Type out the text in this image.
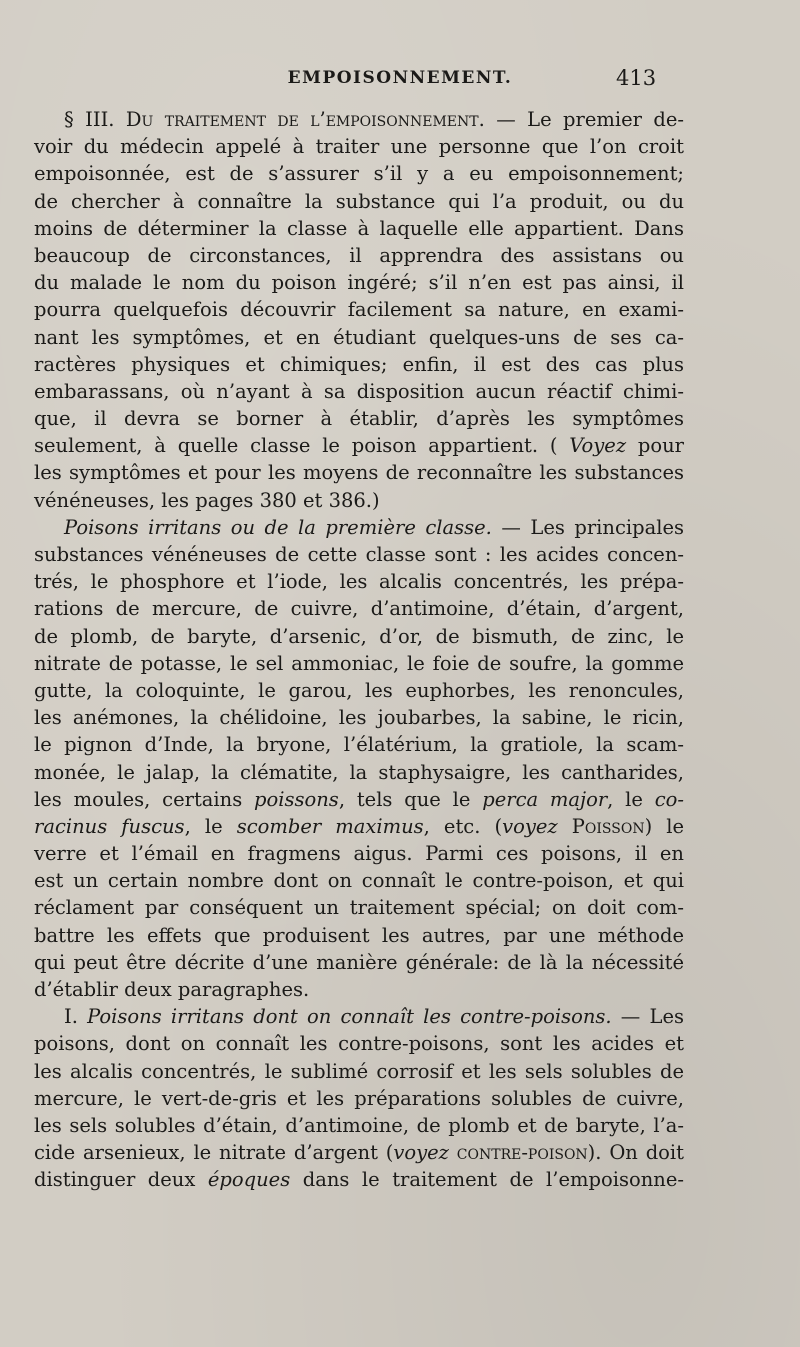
EMPOISONNEMENT.	413
§ III. Du traitement de l’empoisonnement. — Le premier de-
voir du médecin appelé à traiter une personne que l’on croit
empoisonnée, est de s’assurer s’il y a eu empoisonnement;
de chercher à connaître la substance qui l’a produit, ou du
moins de déterminer la classe à laquelle elle appartient. Dans
beaucoup de circonstances, il apprendra des assistans ou
du malade le nom du poison ingéré; s’il n’en est pas ainsi, il
pourra quelquefois découvrir facilement sa nature, en exami-
nant les symptômes, et en étudiant quelques-uns de ses ca-
ractères physiques et chimiques; enfin, il est des cas plus
embarassans, où n’ayant à sa disposition aucun réactif chimi-
que, il devra se borner à établir, d’après les symptômes
seulement, à quelle classe le poison appartient. ( Voyez pour
les symptômes et pour les moyens de reconnaître les substances
vénéneuses, les pages 380 et 386.)
Poisons irritans ou de la première classe. — Les principales
substances vénéneuses de cette classe sont : les acides concen-
trés, le phosphore et l’iode, les alcalis concentrés, les prépa-
rations de mercure, de cuivre, d’antimoine, d’étain, d’argent,
de plomb, de baryte, d’arsenic, d’or, de bismuth, de zinc, le
nitrate de potasse, le sel ammoniac, le foie de soufre, la gomme
gutte, la coloquinte, le garou, les euphorbes, les renoncules,
les anémones, la chélidoine, les joubarbes, la sabine, le ricin,
le pignon d’Inde, la bryone, l’élatérium, la gratiole, la scam-
monée, le jalap, la clématite, la staphysaigre, les cantharides,
les moules, certains poissons, tels que le perca major, le co-
racinus fuscus, le scomber maximus, etc. (voyez Poisson) le
verre et l’émail en fragmens aigus. Parmi ces poisons, il en
est un certain nombre dont on connaît le contre-poison, et qui
réclament par conséquent un traitement spécial; on doit com-
battre les effets que produisent les autres, par une méthode
qui peut être décrite d’une manière générale: de là la nécessité
d’établir deux paragraphes.
I. Poisons irritans dont on connaît les contre-poisons. — Les
poisons, dont on connaît les contre-poisons, sont les acides et
les alcalis concentrés, le sublimé corrosif et les sels solubles de
mercure, le vert-de-gris et les préparations solubles de cuivre,
les sels solubles d’étain, d’antimoine, de plomb et de baryte, l’a-
cide arsenieux, le nitrate d’argent (voyez contre-poison). On doit
distinguer deux époques dans le traitement de l’empoisonne-
